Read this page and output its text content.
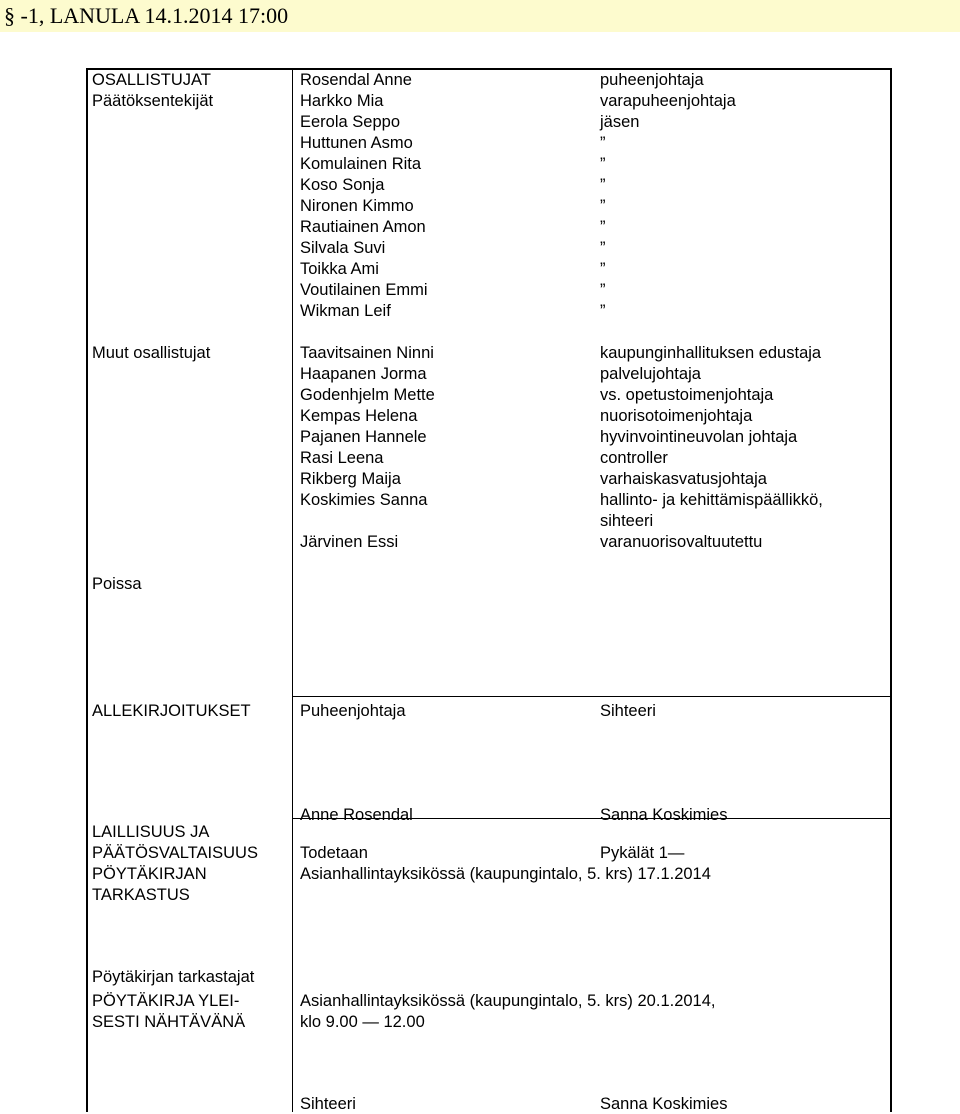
§ -1, LANULA 14.1.2014 17:00
OSALLISTUJAT
Päätöksentekijät
Rosendal Anne	puheenjohtaja
Harkko Mia	varapuheenjohtaja
Eerola Seppo	jäsen
Huttunen Asmo	”
Komulainen Rita	”
Koso Sonja	”
Nironen Kimmo	”
Rautiainen Amon	”
Silvala Suvi	”
Toikka Ami	”
Voutilainen Emmi	”
Wikman Leif	”
Muut osallistujat	Taavitsainen Ninni	kaupunginhallituksen edustaja
Haapanen Jorma	palvelujohtaja
Godenhjelm Mette	vs. opetustoimenjohtaja
Kempas Helena	nuorisotoimenjohtaja
Pajanen Hannele	hyvinvointineuvolan johtaja
Rasi Leena	controller
Rikberg Maija	varhaiskasvatusjohtaja
Koskimies Sanna	hallinto- ja kehittämispäällikkö,
sihteeri
Järvinen Essi	varanuorisovaltuutettu
Poissa
ALLEKIRJOITUKSET	Puheenjohtaja	Sihteeri
Anne Rosendal	Sanna Koskimies
LAILLISUUS JA
PÄÄTÖSVALTAISUUS
PÖYTÄKIRJAN
TARKASTUS
Todetaan	Pykälät 1—
Asianhallintayksikössä (kaupungintalo, 5. krs) 17.1.2014
Pöytäkirjan tarkastajat
PÖYTÄKIRJA YLEI-
SESTI NÄHTÄVÄNÄ
Asianhallintayksikössä (kaupungintalo, 5. krs) 20.1.2014,
klo 9.00 — 12.00
Sihteeri	Sanna Koskimies
